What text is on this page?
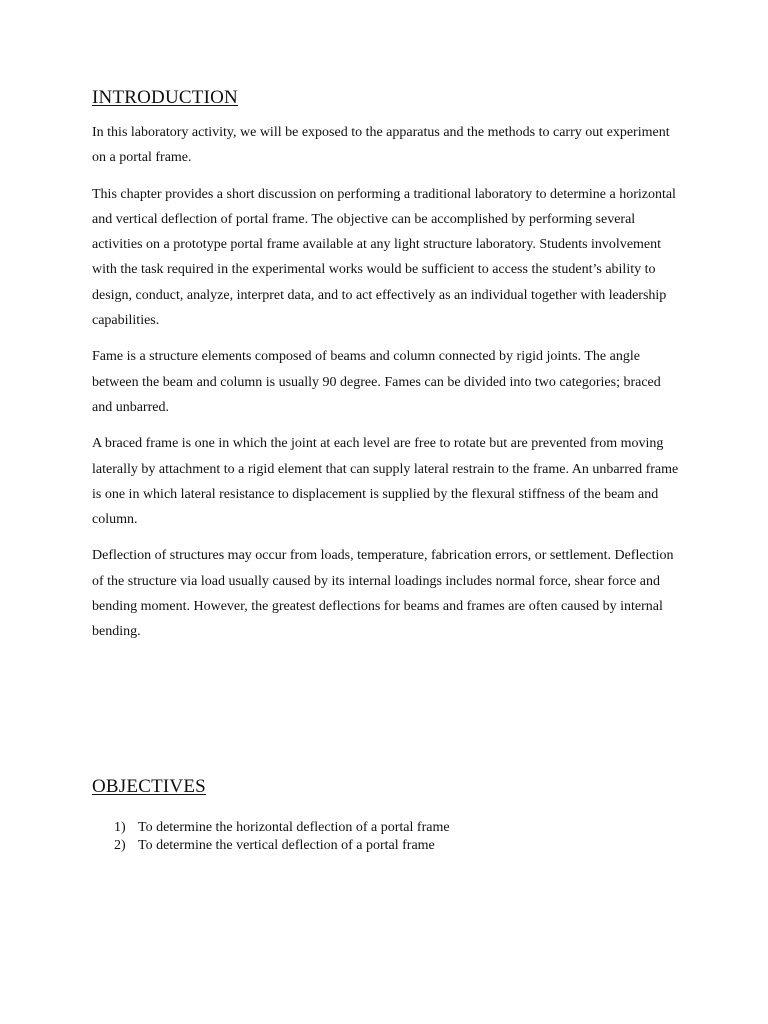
INTRODUCTION

In this laboratory activity, we will be exposed to the apparatus and the methods to carry out experiment on a portal frame.

This chapter provides a short discussion on performing a traditional laboratory to determine a horizontal and vertical deflection of portal frame. The objective can be accomplished by performing several activities on a prototype portal frame available at any light structure laboratory. Students involvement with the task required in the experimental works would be sufficient to access the student’s ability to design, conduct, analyze, interpret data, and to act effectively as an individual together with leadership capabilities.

Fame is a structure elements composed of beams and column connected by rigid joints. The angle between the beam and column is usually 90 degree. Fames can be divided into two categories; braced and unbarred.

A braced frame is one in which the joint at each level are free to rotate but are prevented from moving laterally by attachment to a rigid element that can supply lateral restrain to the frame. An unbarred frame is one in which lateral resistance to displacement is supplied by the flexural stiffness of the beam and column.

Deflection of structures may occur from loads, temperature, fabrication errors, or settlement. Deflection of the structure via load usually caused by its internal loadings includes normal force, shear force and bending moment. However, the greatest deflections for beams and frames are often caused by internal bending.

OBJECTIVES
1) To determine the horizontal deflection of a portal frame
2) To determine the vertical deflection of a portal frame
